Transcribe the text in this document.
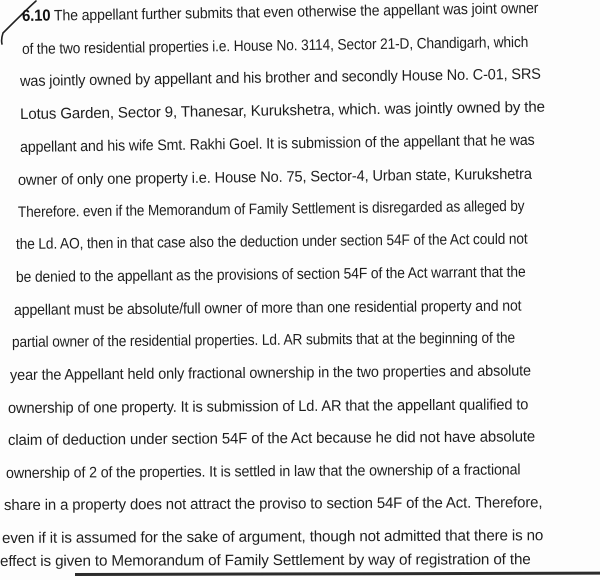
6.10 The appellant further submits that even otherwise the appellant was joint owner
of the two residential properties i.e. House No. 3114, Sector 21-D, Chandigarh, which
was jointly owned by appellant and his brother and secondly House No. C-01, SRS
Lotus Garden, Sector 9, Thanesar, Kurukshetra, which. was jointly owned by the
appellant and his wife Smt. Rakhi Goel. It is submission of the appellant that he was
owner of only one property i.e. House No. 75, Sector-4, Urban state, Kurukshetra
Therefore. even if the Memorandum of Family Settlement is disregarded as alleged by
the Ld. AO, then in that case also the deduction under section 54F of the Act could not
be denied to the appellant as the provisions of section 54F of the Act warrant that the
appellant must be absolute/full owner of more than one residential property and not
partial owner of the residential properties. Ld. AR submits that at the beginning of the
year the Appellant held only fractional ownership in the two properties and absolute
ownership of one property. It is submission of Ld. AR that the appellant qualified to
claim of deduction under section 54F of the Act because he did not have absolute
ownership of 2 of the properties. It is settled in law that the ownership of a fractional
share in a property does not attract the proviso to section 54F of the Act. Therefore,
even if it is assumed for the sake of argument, though not admitted that there is no
effect is given to Memorandum of Family Settlement by way of registration of the
